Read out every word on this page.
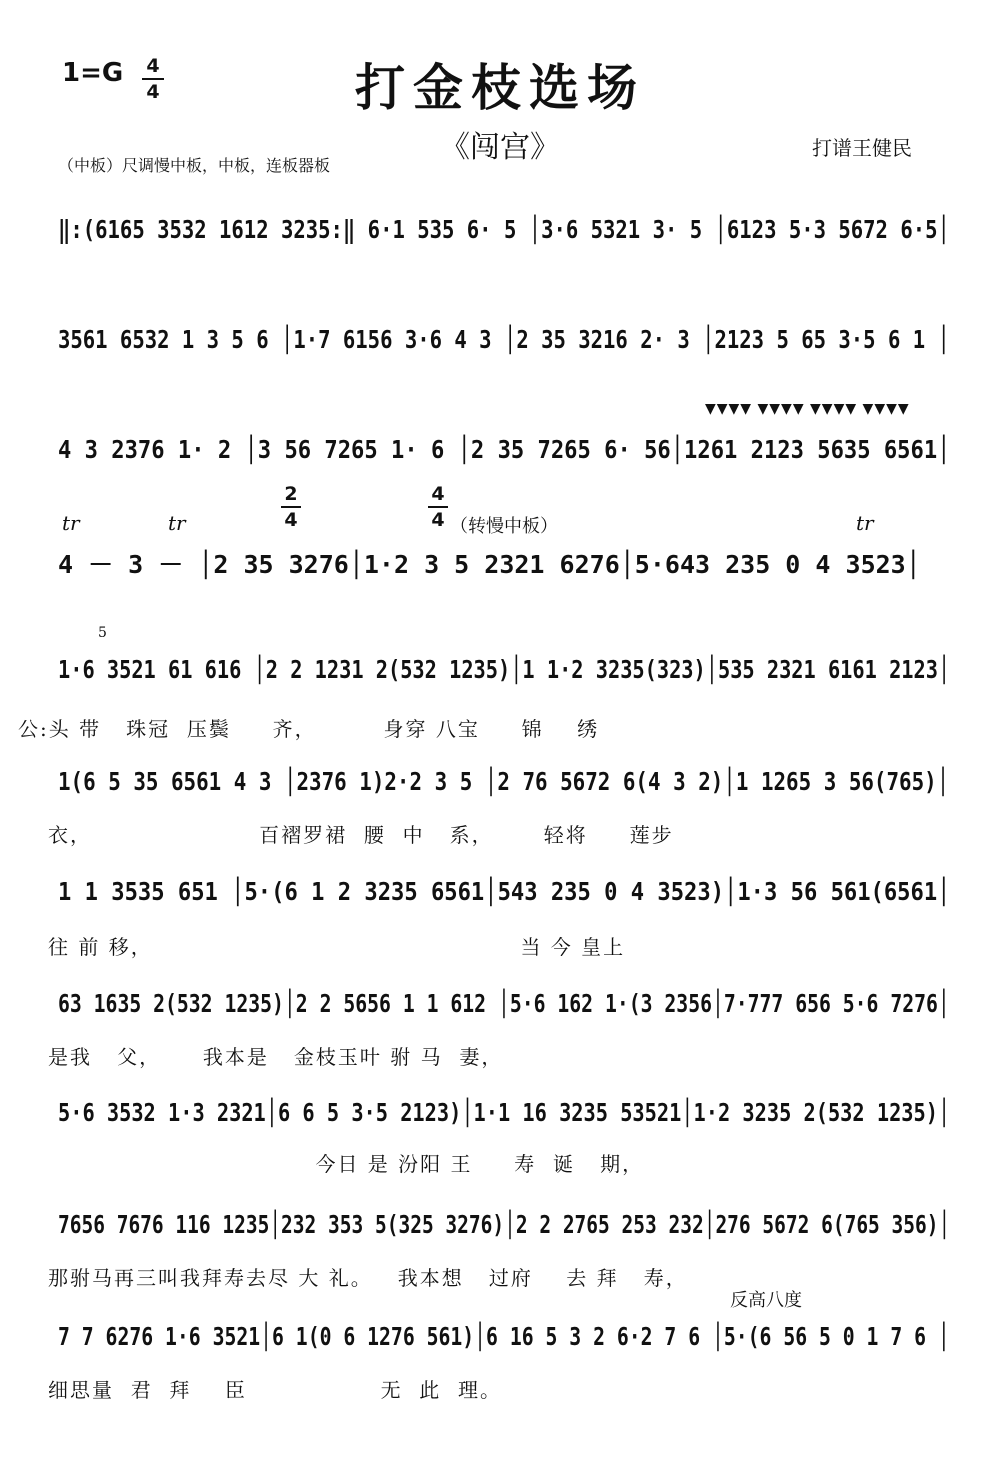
1=G 4
4	打金枝选场
《闯宫》	打谱王健民
（中板）尺调慢中板，中板，连板器板
‖:(6165 3532 1612 3235:‖ 6·1 535 6· 5 │3·6 5321 3· 5 │6123 5·3 5672 6·5│
3561 6532 1 3 5 6 │1·7 6156 3·6 4 3 │2 35 3216 2· 3 │2123 5 65 3·5 6 1 │
▼▼▼▼ ▼▼▼▼ ▼▼▼▼ ▼▼▼▼
4 3 2376 1· 2 │3 56 7265 1· 6 │2 35 7265 6· 56│1261 2123 5635 6561│
tr	tr	tr
2
4
4
4 （转慢中板）
4 － 3 － │2 35 3276│1·2 3 5 2321 6276│5·643 235 0 4 3523│
5
1·6 3521 61 616 │2 2 1231 2(532 1235)│1 1·2 3235(323)│535 2321 6161 2123│
公:头 带   珠冠  压鬓     齐，        身穿 八宝     锦    绣
1(6 5 35 6561 4 3 │2376 1)2·2 3 5 │2 76 5672 6(4 3 2)│1 1265 3 56(765)│
衣，                    百褶罗裙  腰  中   系，      轻将     莲步
1 1 3535 651 │5·(6 1 2 3235 6561│543 235 0 4 3523)│1·3 56 561(6561│
往 前 移，                                            当 今 皇上
63 1635 2(532 1235)│2 2 5656 1 1 612 │5·6 162 1·(3 2356│7·777 656 5·6 7276│
是我   父，     我本是   金枝玉叶 驸 马  妻，
5·6 3532 1·3 2321│6 6 5 3·5 2123)│1·1 16 3235 53521│1·2 3235 2(532 1235)│
今日 是 汾阳 王     寿  诞   期，
7656 7676 116 1235│232 353 5(325 3276)│2 2 2765 253 232│276 5672 6(765 356)│
那驸马再三叫我拜寿去尽 大 礼。   我本想   过府    去 拜   寿，
反高八度
7 7 6276 1·6 3521│6 1(0 6 1276 561)│6 16 5 3 2 6·2 7 6 │5·(6 56 5 0 1 7 6 │
细思量  君  拜    臣                无  此  理。
